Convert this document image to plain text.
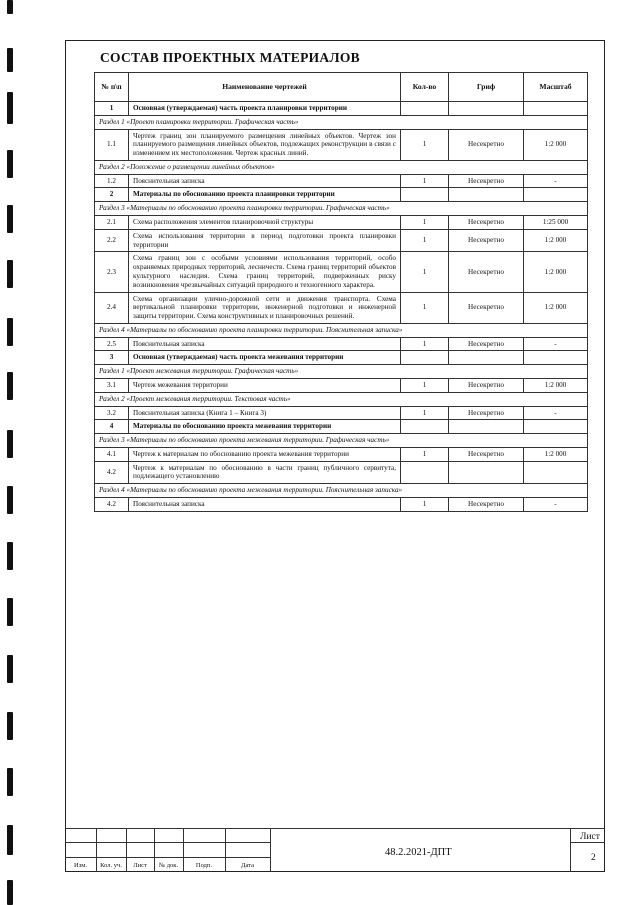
СОСТАВ ПРОЕКТНЫХ МАТЕРИАЛОВ
№ п\п	Наименование чертежей	Кол-во	Гриф	Масштаб
1	Основная (утверждаемая) часть проекта планировки территории			
Раздел 1 «Проект планировки территории. Графическая часть»				
1.1	Чертеж границ зон планируемого размещения линейных объектов. Чертеж зон планируемого размещения линейных объектов, подлежащих реконструкции в связи с изменением их местоположения. Чертеж красных линий.	1	Несекретно	1:2 000
Раздел 2 «Положение о размещении линейных объектов»				
1.2	Пояснительная записка	1	Несекретно	-
2	Материалы по обоснованию проекта планировки территории			
Раздел 3 «Материалы по обоснованию проекта планировки территории. Графическая часть»				
2.1	Схема расположения элементов планировочной структуры	1	Несекретно	1:25 000
2.2	Схема использования территории в период подготовки проекта планировки территории	1	Несекретно	1:2 000
2.3	Схема границ зон с особыми условиями использования территорий, особо охраняемых природных территорий, лесничеств. Схема границ территорий объектов культурного наследия. Схема границ территорий, подверженных риску возникновения чрезвычайных ситуаций природного и техногенного характера.	1	Несекретно	1:2 000
2.4	Схема организации улично-дорожной сети и движения транспорта. Схема вертикальной планировки территории, инженерной подготовки и инженерной защиты территории. Схема конструктивных и планировочных решений.	1	Несекретно	1:2 000
Раздел 4 «Материалы по обоснованию проекта планировки территории. Пояснительная записка»				
2.5	Пояснительная записка	1	Несекретно	-
3	Основная (утверждаемая) часть проекта межевания территории			
Раздел 1 «Проект межевания территории. Графическая часть»				
3.1	Чертеж межевания территории	1	Несекретно	1:2 000
Раздел 2 «Проект межевания территории. Текстовая часть»				
3.2	Пояснительная записка (Книга 1 – Книга 3)	1	Несекретно	-
4	Материалы по обоснованию проекта межевания территории			
Раздел 3 «Материалы по обоснованию проекта межевания территории. Графическая часть»				
4.1	Чертеж к материалам по обоснованию проекта межевания территории	1	Несекретно	1:2 000
4.2	Чертеж к материалам по обоснованию в части границ публичного сервитута, подлежащего установлению			
Раздел 4 «Материалы по обоснованию проекта межевания территории. Пояснительная записка»				
4.2	Пояснительная записка	1	Несекретно	-
Изм.	Кол. уч.	Лист	№ док.	Подп.	Дата
48.2.2021-ДПТ
Лист
2
